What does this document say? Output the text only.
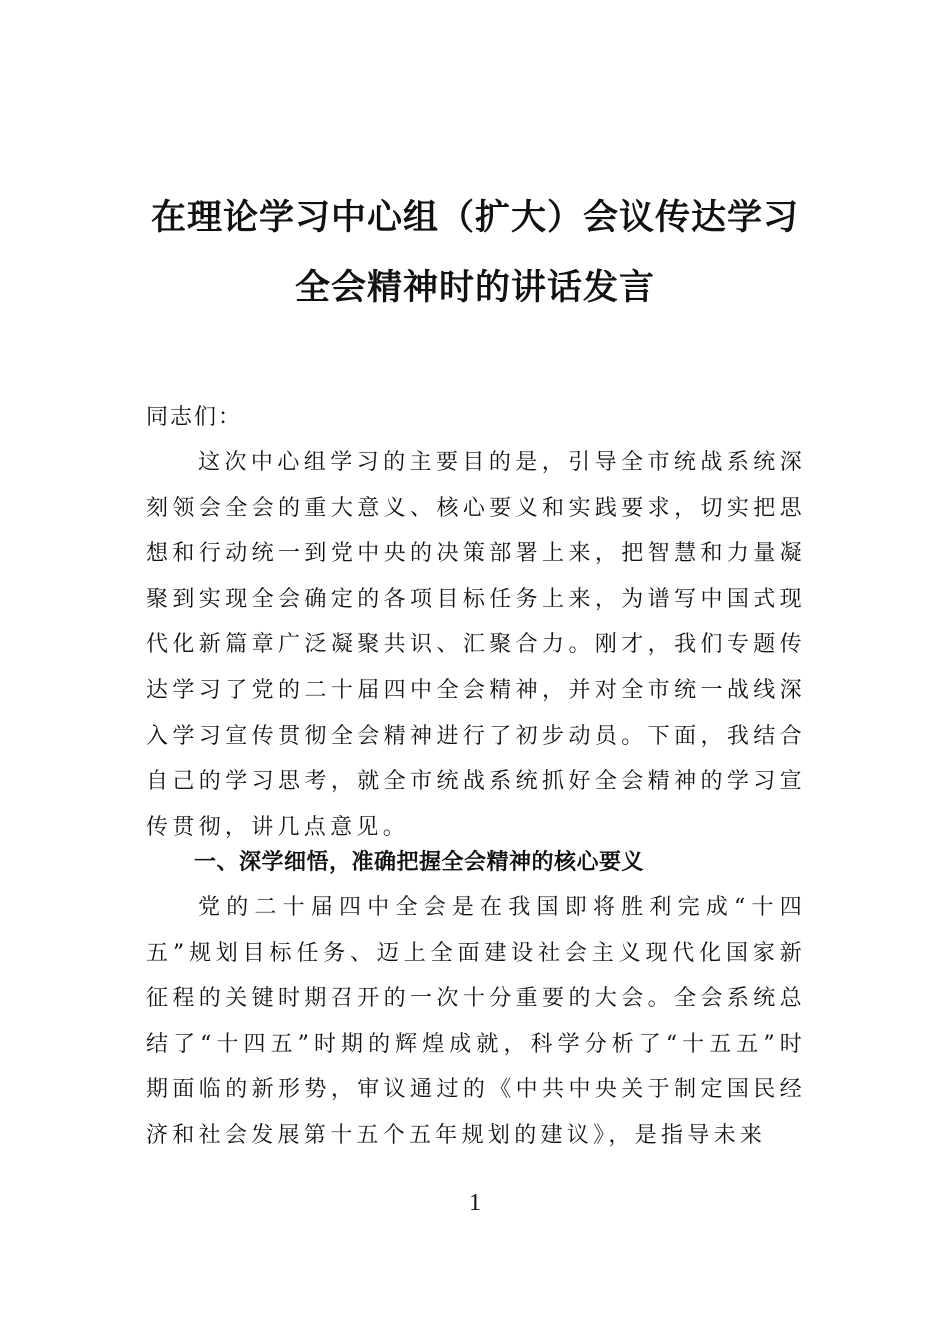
在理论学习中心组（扩大）会议传达学习
全会精神时的讲话发言

同志们：

这次中心组学习的主要目的是，引导全市统战系统深刻领会全会的重大意义、核心要义和实践要求，切实把思想和行动统一到党中央的决策部署上来，把智慧和力量凝聚到实现全会确定的各项目标任务上来，为谱写中国式现代化新篇章广泛凝聚共识、汇聚合力。刚才，我们专题传达学习了党的二十届四中全会精神，并对全市统一战线深入学习宣传贯彻全会精神进行了初步动员。下面，我结合自己的学习思考，就全市统战系统抓好全会精神的学习宣传贯彻，讲几点意见。

一、深学细悟，准确把握全会精神的核心要义

党的二十届四中全会是在我国即将胜利完成“十四五”规划目标任务、迈上全面建设社会主义现代化国家新征程的关键时期召开的一次十分重要的大会。全会系统总结了“十四五”时期的辉煌成就，科学分析了“十五五”时期面临的新形势，审议通过的《中共中央关于制定国民经济和社会发展第十五个五年规划的建议》，是指导未来

1
